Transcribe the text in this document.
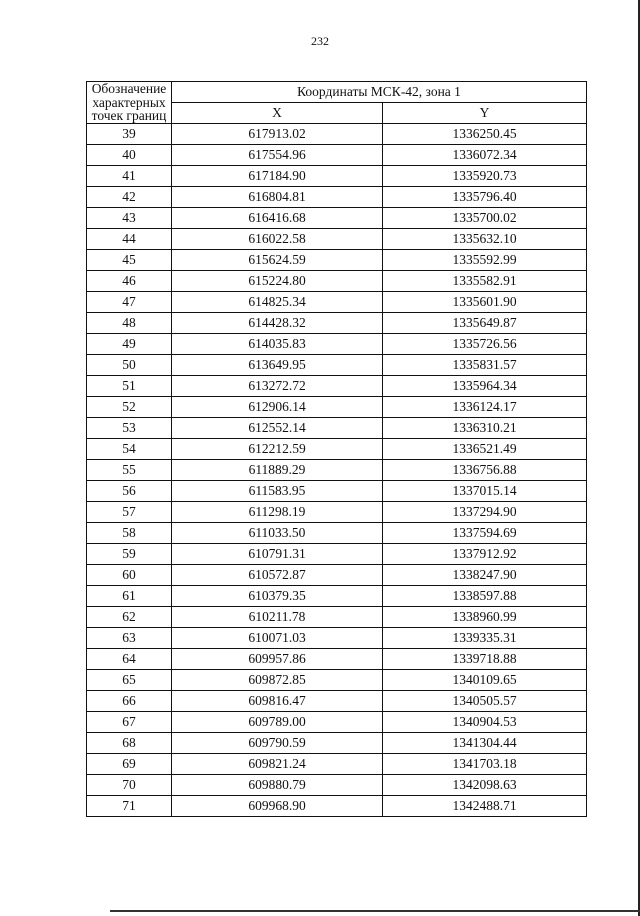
232
Обозначение характерных точек границ	Координаты МСК-42, зона 1	
	X	Y
39	617913.02	1336250.45
40	617554.96	1336072.34
41	617184.90	1335920.73
42	616804.81	1335796.40
43	616416.68	1335700.02
44	616022.58	1335632.10
45	615624.59	1335592.99
46	615224.80	1335582.91
47	614825.34	1335601.90
48	614428.32	1335649.87
49	614035.83	1335726.56
50	613649.95	1335831.57
51	613272.72	1335964.34
52	612906.14	1336124.17
53	612552.14	1336310.21
54	612212.59	1336521.49
55	611889.29	1336756.88
56	611583.95	1337015.14
57	611298.19	1337294.90
58	611033.50	1337594.69
59	610791.31	1337912.92
60	610572.87	1338247.90
61	610379.35	1338597.88
62	610211.78	1338960.99
63	610071.03	1339335.31
64	609957.86	1339718.88
65	609872.85	1340109.65
66	609816.47	1340505.57
67	609789.00	1340904.53
68	609790.59	1341304.44
69	609821.24	1341703.18
70	609880.79	1342098.63
71	609968.90	1342488.71
